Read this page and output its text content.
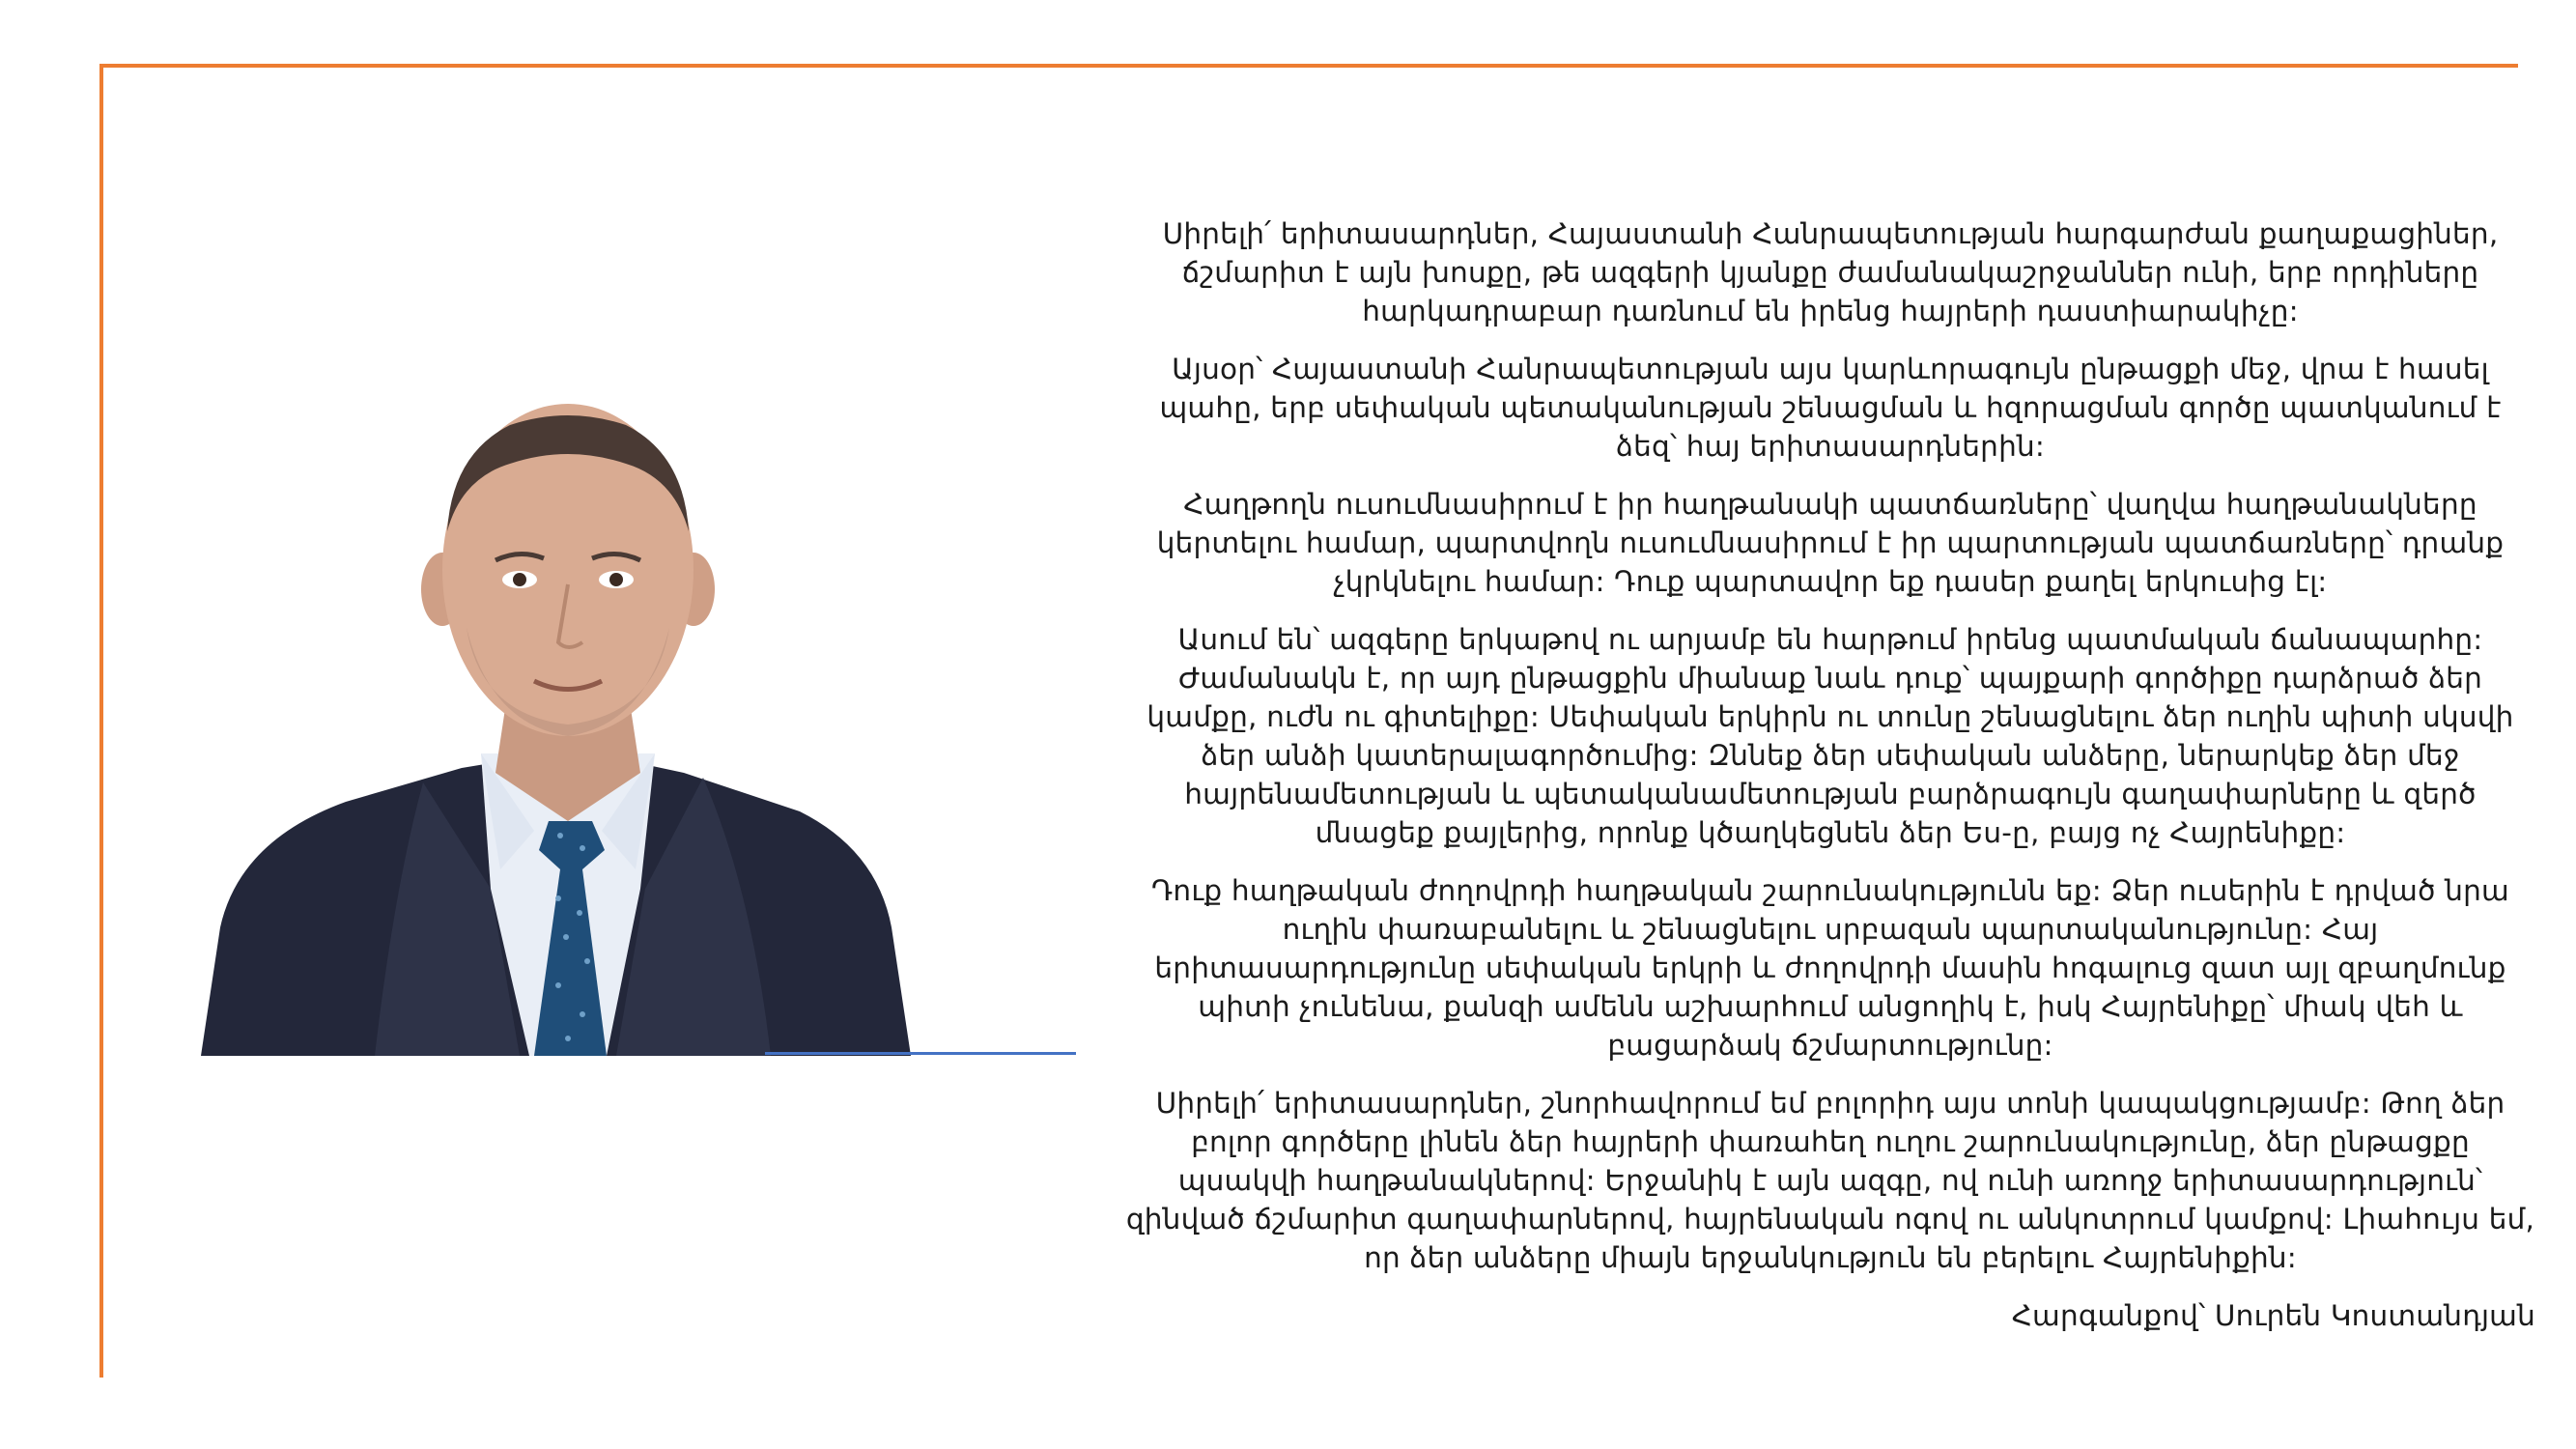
Սիրելի՛ երիտասարդներ, Հայաստանի Հանրապետության հարգարժան քաղաքացիներ, ճշմարիտ է այն խոսքը, թե ազգերի կյանքը ժամանակաշրջաններ ունի, երբ որդիները հարկադրաբար դառնում են իրենց հայրերի դաստիարակիչը:

Այսօր՝ Հայաստանի Հանրապետության այս կարևորագույն ընթացքի մեջ, վրա է հասել պահը, երբ սեփական պետականության շենացման և հզորացման գործը պատկանում է ձեզ՝ հայ երիտասարդներին:

Հաղթողն ուսումնասիրում է իր հաղթանակի պատճառները՝ վաղվա հաղթանակները կերտելու համար, պարտվողն ուսումնասիրում է իր պարտության պատճառները՝ դրանք չկրկնելու համար: Դուք պարտավոր եք դասեր քաղել երկուսից էլ:

Ասում են՝ ազգերը երկաթով ու արյամբ են հարթում իրենց պատմական ճանապարհը: Ժամանակն է, որ այդ ընթացքին միանաք նաև դուք՝ պայքարի գործիքը դարձրած ձեր կամքը, ուժն ու գիտելիքը: Սեփական երկիրն ու տունը շենացնելու ձեր ուղին պիտի սկսվի ձեր անձի կատերալագործումից: Զննեք ձեր սեփական անձերը, ներարկեք ձեր մեջ հայրենամետության և պետականամետության բարձրագույն գաղափարները և զերծ մնացեք քայլերից, որոնք կծաղկեցնեն ձեր Ես-ը, բայց ոչ Հայրենիքը:

Դուք հաղթական ժողովրդի հաղթական շարունակությունն եք: Ձեր ուսերին է դրված նրա ուղին փառաբանելու և շենացնելու սրբազան պարտականությունը: Հայ երիտասարդությունը սեփական երկրի և ժողովրդի մասին հոգալուց զատ այլ զբաղմունք պիտի չունենա, քանզի ամենն աշխարհում անցողիկ է, իսկ Հայրենիքը՝ միակ վեհ և բացարձակ ճշմարտությունը:

Սիրելի՛ երիտասարդներ, շնորհավորում եմ բոլորիդ այս տոնի կապակցությամբ: Թող ձեր բոլոր գործերը լինեն ձեր հայրերի փառահեղ ուղու շարունակությունը, ձեր ընթացքը պսակվի հաղթանակներով: Երջանիկ է այն ազգը, ով ունի առողջ երիտասարդություն՝ զինված ճշմարիտ գաղափարներով, հայրենական ոգով ու անկոտրում կամքով: Լիահույս եմ, որ ձեր անձերը միայն երջանկություն են բերելու Հայրենիքին:

Հարգանքով՝ Սուրեն Կոստանդյան
